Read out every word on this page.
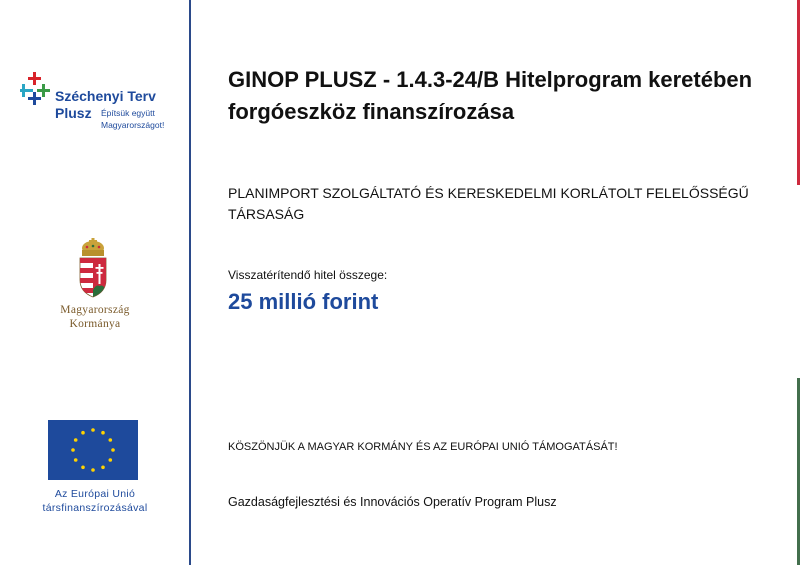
Széchenyi Terv
Plusz Építsük együtt
Magyarországot!
Magyarország
Kormánya
Az Európai Unió
társfinanszírozásával
GINOP PLUSZ - 1.4.3-24/B Hitelprogram keretében forgóeszköz finanszírozása
PLANIMPORT SZOLGÁLTATÓ ÉS KERESKEDELMI KORLÁTOLT FELELŐSSÉGŰ TÁRSASÁG
Visszatérítendő hitel összege:
25 millió forint
KÖSZÖNJÜK A MAGYAR KORMÁNY ÉS AZ EURÓPAI UNIÓ TÁMOGATÁSÁT!
Gazdaságfejlesztési és Innovációs Operatív Program Plusz
